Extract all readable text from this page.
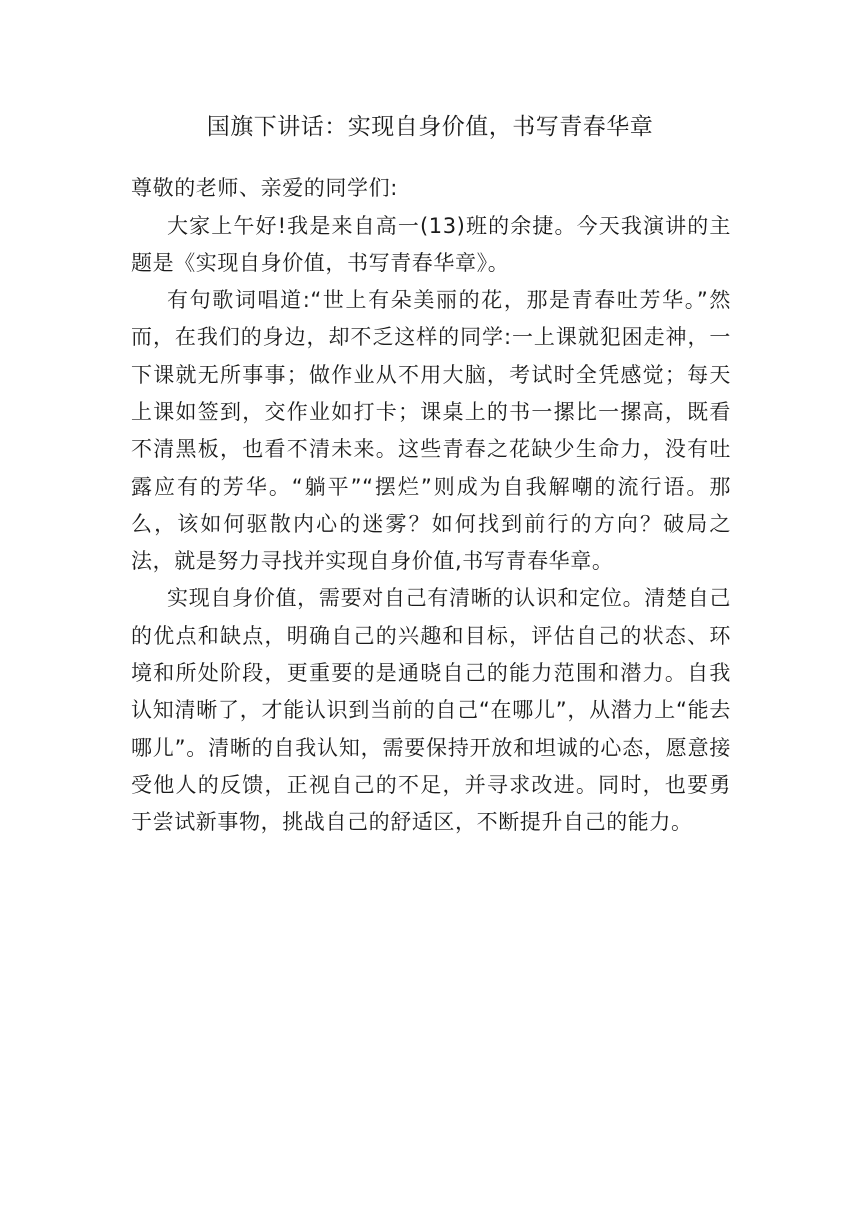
国旗下讲话：实现自身价值，书写青春华章

尊敬的老师、亲爱的同学们:

大家上午好!我是来自高一(13)班的余捷。今天我演讲的主题是《实现自身价值，书写青春华章》。

有句歌词唱道:“世上有朵美丽的花，那是青春吐芳华。”然而，在我们的身边，却不乏这样的同学:一上课就犯困走神，一下课就无所事事；做作业从不用大脑，考试时全凭感觉；每天上课如签到，交作业如打卡；课桌上的书一摞比一摞高，既看不清黑板，也看不清未来。这些青春之花缺少生命力，没有吐露应有的芳华。“躺平”“摆烂”则成为自我解嘲的流行语。那么，该如何驱散内心的迷雾？如何找到前行的方向？破局之法，就是努力寻找并实现自身价值,书写青春华章。

实现自身价值，需要对自己有清晰的认识和定位。清楚自己的优点和缺点，明确自己的兴趣和目标，评估自己的状态、环境和所处阶段，更重要的是通晓自己的能力范围和潜力。自我认知清晰了，才能认识到当前的自己“在哪儿”，从潜力上“能去哪儿”。清晰的自我认知，需要保持开放和坦诚的心态，愿意接受他人的反馈，正视自己的不足，并寻求改进。同时，也要勇于尝试新事物，挑战自己的舒适区，不断提升自己的能力。
